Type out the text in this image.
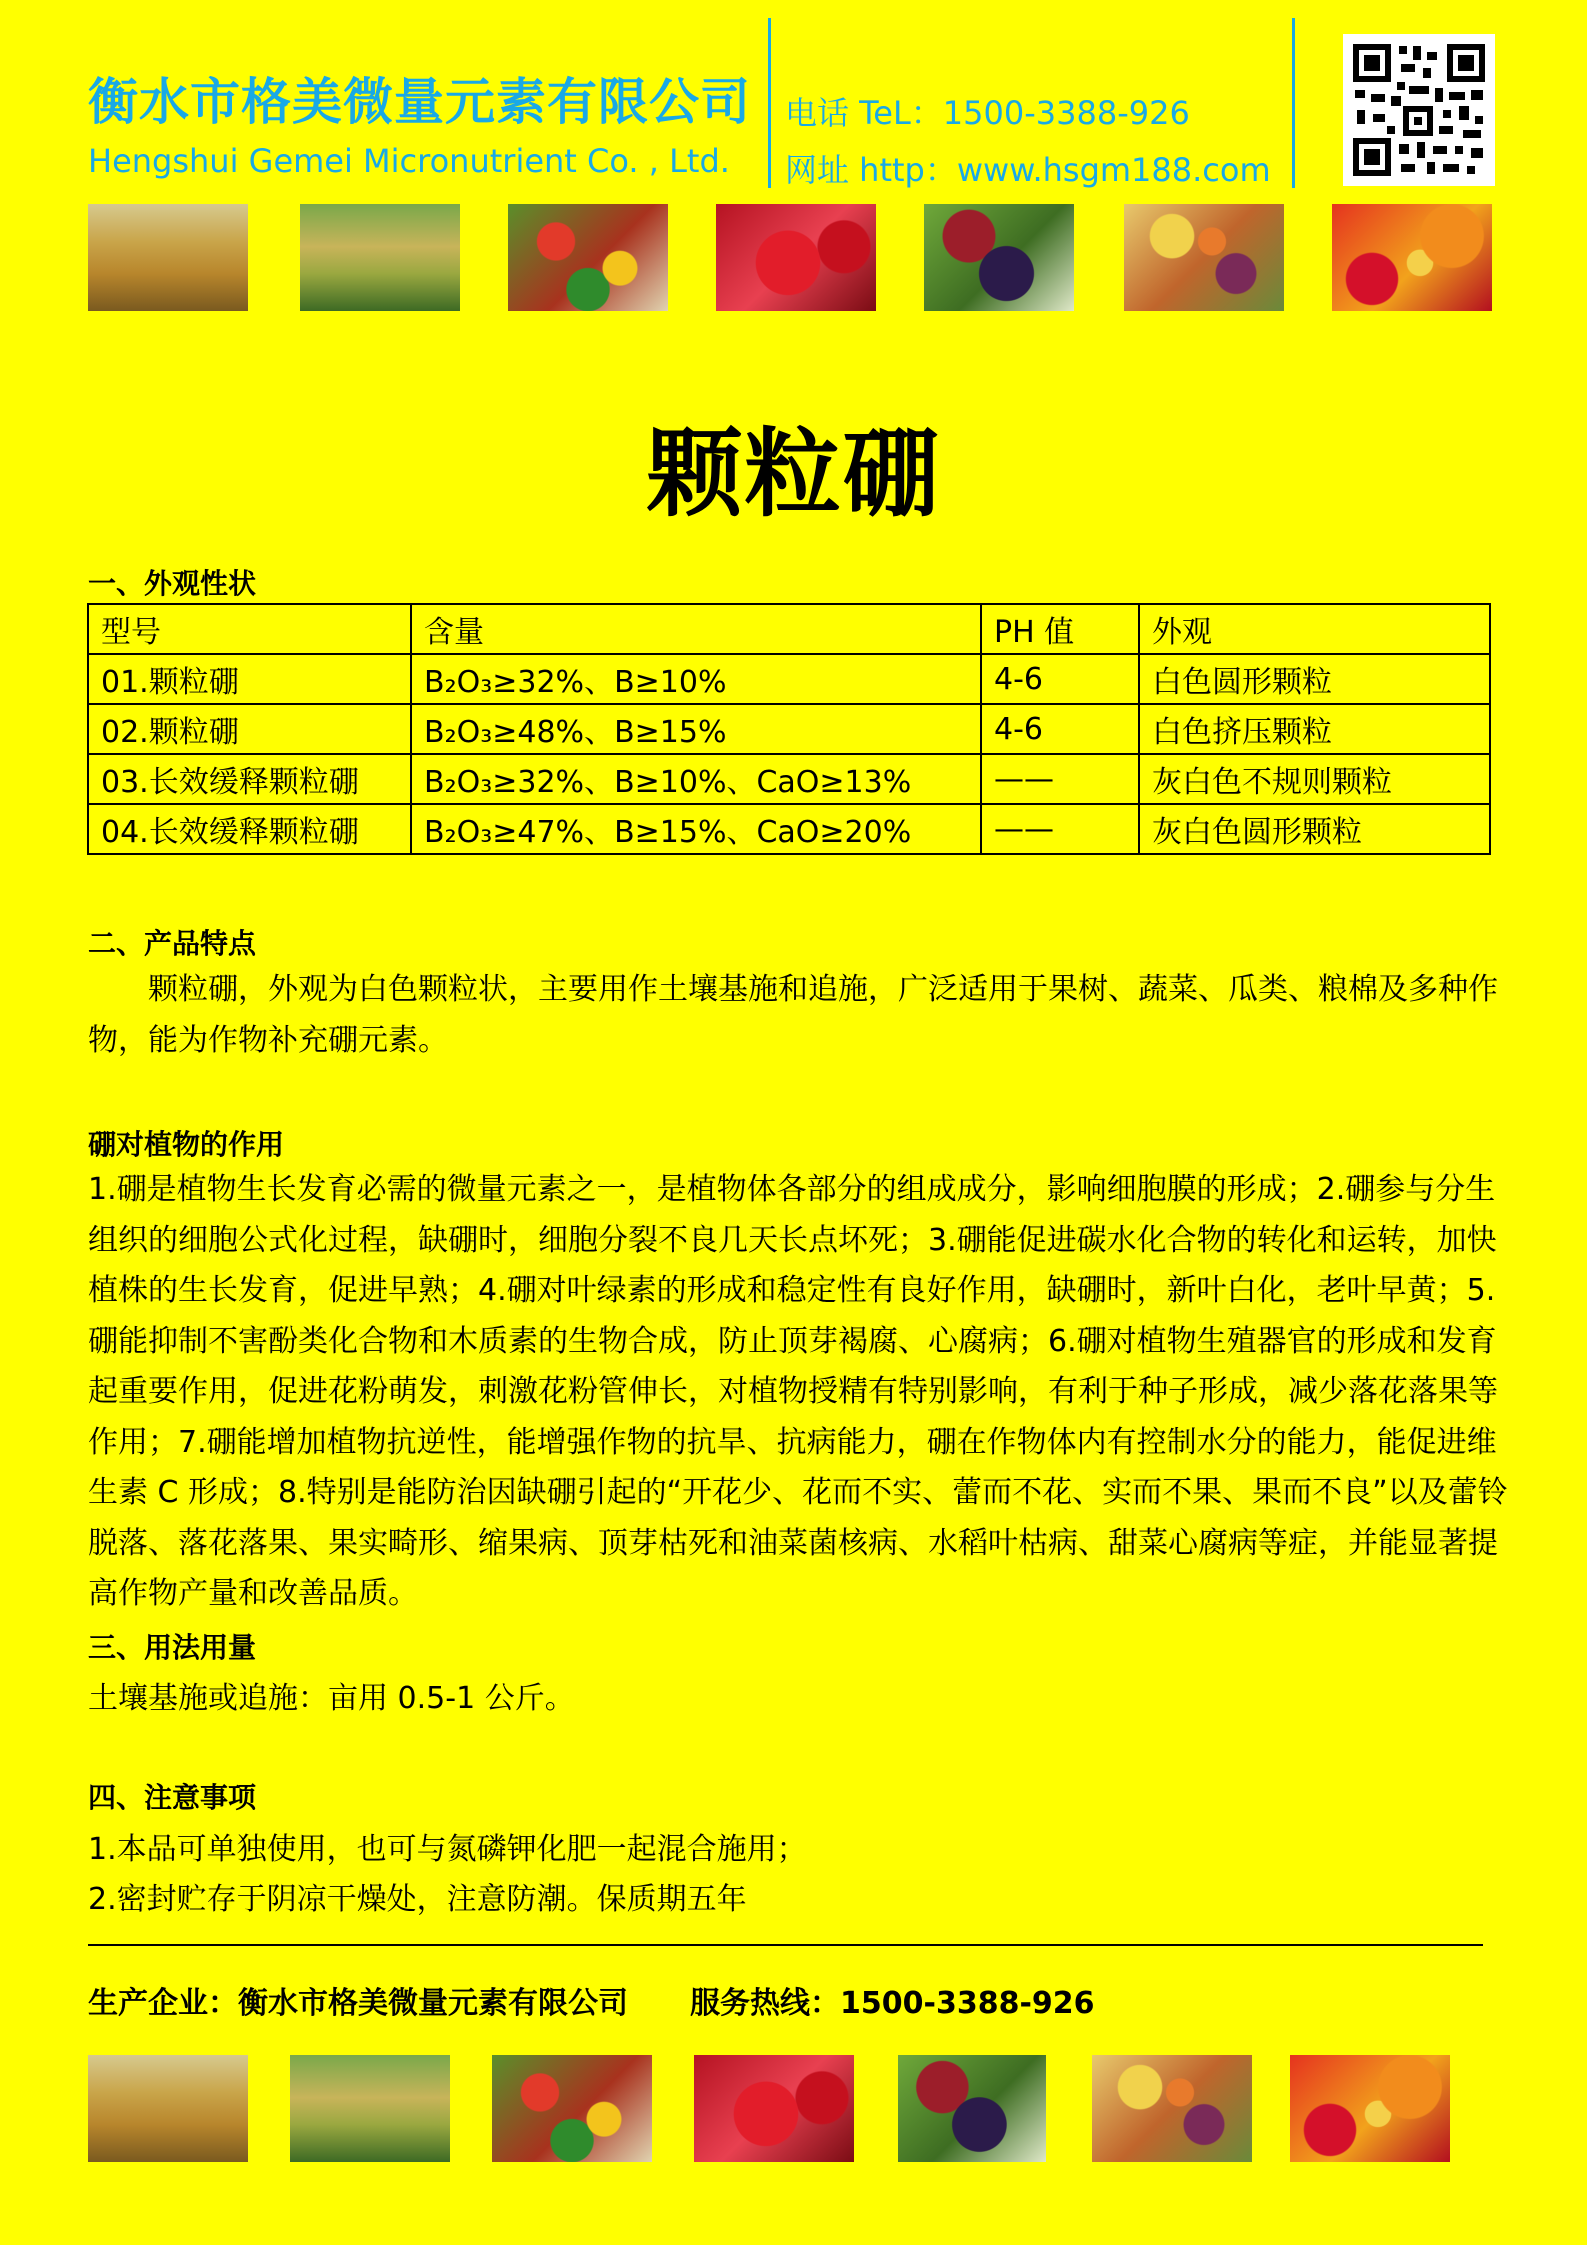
衡水市格美微量元素有限公司
Hengshui Gemei Micronutrient Co. , Ltd.
电话 TeL：1500-3388-926
网址 http：www.hsgm188.com
颗粒硼
一、外观性状
型号	含量	PH 值	外观
01.颗粒硼	B₂O₃≥32%、B≥10%	4-6	白色圆形颗粒
02.颗粒硼	B₂O₃≥48%、B≥15%	4-6	白色挤压颗粒
03.长效缓释颗粒硼	B₂O₃≥32%、B≥10%、CaO≥13%	——	灰白色不规则颗粒
04.长效缓释颗粒硼	B₂O₃≥47%、B≥15%、CaO≥20%	——	灰白色圆形颗粒
二、产品特点
颗粒硼，外观为白色颗粒状，主要用作土壤基施和追施，广泛适用于果树、蔬菜、瓜类、粮棉及多种作物，能为作物补充硼元素。
硼对植物的作用
1.硼是植物生长发育必需的微量元素之一，是植物体各部分的组成成分，影响细胞膜的形成；2.硼参与分生组织的细胞公式化过程，缺硼时，细胞分裂不良几天长点坏死；3.硼能促进碳水化合物的转化和运转，加快植株的生长发育，促进早熟；4.硼对叶绿素的形成和稳定性有良好作用，缺硼时，新叶白化，老叶早黄；5.硼能抑制不害酚类化合物和木质素的生物合成，防止顶芽褐腐、心腐病；6.硼对植物生殖器官的形成和发育起重要作用，促进花粉萌发，刺激花粉管伸长，对植物授精有特别影响，有利于种子形成，减少落花落果等作用；7.硼能增加植物抗逆性，能增强作物的抗旱、抗病能力，硼在作物体内有控制水分的能力，能促进维生素 C 形成；8.特别是能防治因缺硼引起的“开花少、花而不实、蕾而不花、实而不果、果而不良”以及蕾铃脱落、落花落果、果实畸形、缩果病、顶芽枯死和油菜菌核病、水稻叶枯病、甜菜心腐病等症，并能显著提高作物产量和改善品质。
三、用法用量
土壤基施或追施：亩用 0.5-1 公斤。
四、注意事项
1.本品可单独使用，也可与氮磷钾化肥一起混合施用；
2.密封贮存于阴凉干燥处，注意防潮。保质期五年
生产企业：衡水市格美微量元素有限公司 服务热线：1500-3388-926
